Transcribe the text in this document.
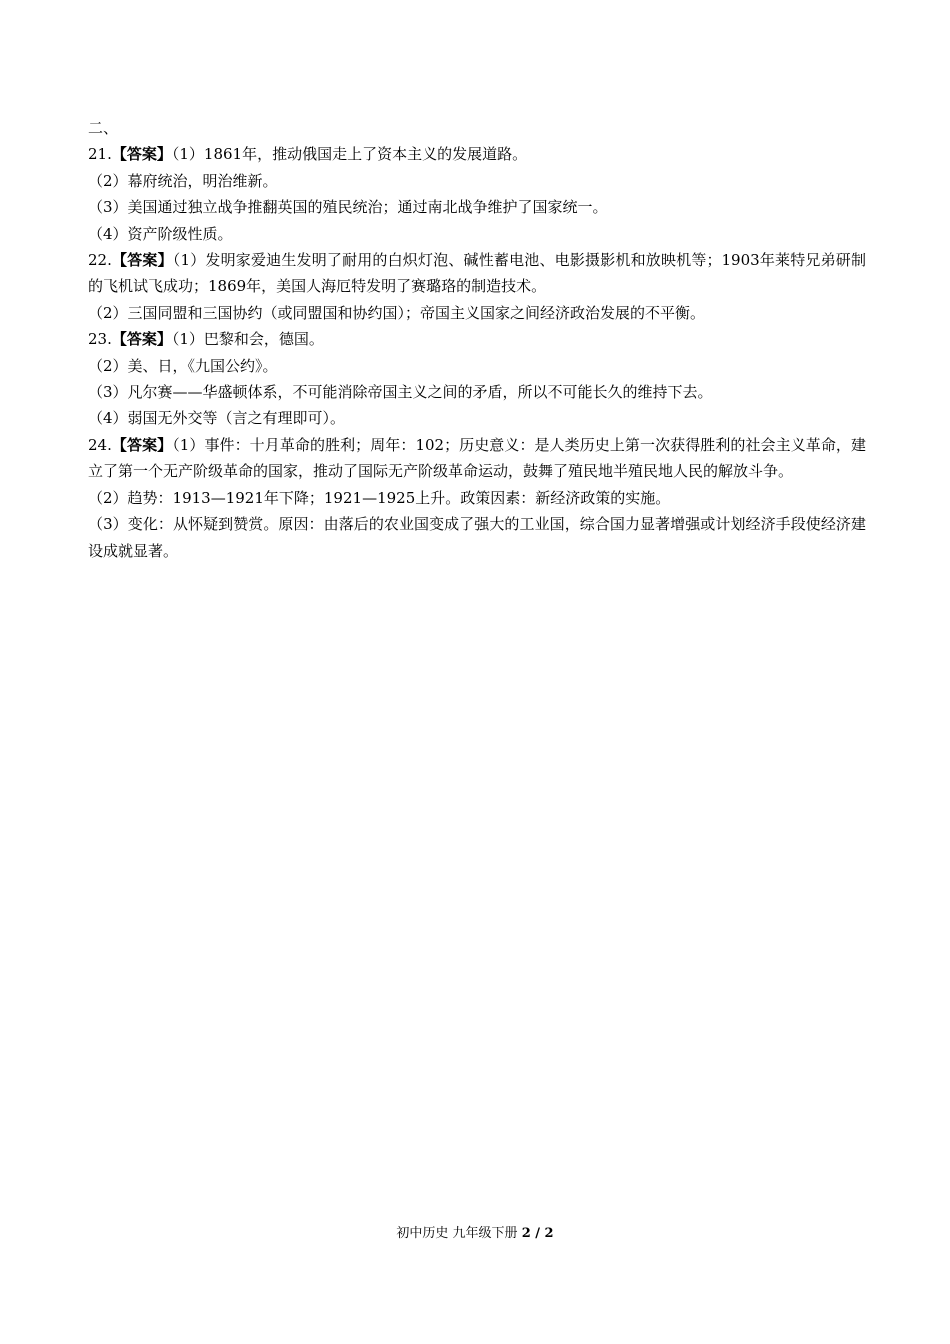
二、

21.【答案】（1）1861年，推动俄国走上了资本主义的发展道路。

（2）幕府统治，明治维新。

（3）美国通过独立战争推翻英国的殖民统治；通过南北战争维护了国家统一。

（4）资产阶级性质。

22.【答案】（1）发明家爱迪生发明了耐用的白炽灯泡、碱性蓄电池、电影摄影机和放映机等；1903年莱特兄弟研制的飞机试飞成功；1869年，美国人海厄特发明了赛璐珞的制造技术。

（2）三国同盟和三国协约（或同盟国和协约国）；帝国主义国家之间经济政治发展的不平衡。

23.【答案】（1）巴黎和会，德国。

（2）美、日，《九国公约》。

（3）凡尔赛——华盛顿体系，不可能消除帝国主义之间的矛盾，所以不可能长久的维持下去。

（4）弱国无外交等（言之有理即可）。

24.【答案】（1）事件：十月革命的胜利；周年：102；历史意义：是人类历史上第一次获得胜利的社会主义革命，建立了第一个无产阶级革命的国家，推动了国际无产阶级革命运动，鼓舞了殖民地半殖民地人民的解放斗争。

（2）趋势：1913—1921年下降；1921—1925上升。政策因素：新经济政策的实施。

（3）变化：从怀疑到赞赏。原因：由落后的农业国变成了强大的工业国，综合国力显著增强或计划经济手段使经济建设成就显著。

初中历史 九年级下册 2 / 2
